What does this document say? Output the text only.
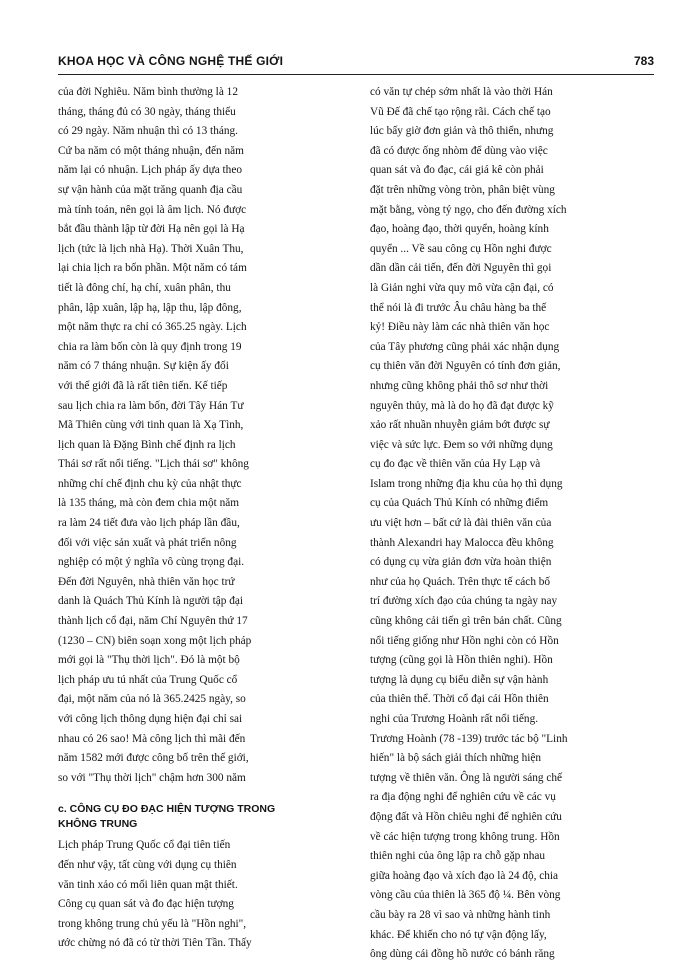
KHOA HỌC VÀ CÔNG NGHỆ THẾ GIỚI	783
của đời Nghiêu. Năm bình thường là 12
tháng, tháng đủ có 30 ngày, tháng thiếu
có 29 ngày. Năm nhuận thì có 13 tháng.
Cứ ba năm có một tháng nhuận, đến năm
năm lại có nhuận. Lịch pháp ấy dựa theo
sự vận hành của mặt trăng quanh địa cầu
mà tính toán, nên gọi là âm lịch. Nó được
bắt đầu thành lập từ đời Hạ nên gọi là Hạ
lịch (tức là lịch nhà Hạ). Thời Xuân Thu,
lại chia lịch ra bốn phần. Một năm có tám
tiết là đông chí, hạ chí, xuân phân, thu
phân, lập xuân, lập hạ, lập thu, lập đông,
một năm thực ra chỉ có 365.25 ngày. Lịch
chia ra làm bốn còn là quy định trong 19
năm có 7 tháng nhuận. Sự kiện ấy đối
với thế giới đã là rất tiên tiến. Kế tiếp
sau lịch chia ra làm bốn, đời Tây Hán Tư
Mã Thiên cùng với tinh quan là Xạ Tình,
lịch quan là Đặng Bình chế định ra lịch
Thái sơ rất nổi tiếng. "Lịch thái sơ" không
những chỉ chế định chu kỳ của nhật thực
là 135 tháng, mà còn đem chia một năm
ra làm 24 tiết đưa vào lịch pháp lần đầu,
đối với việc sản xuất và phát triển nông
nghiệp có một ý nghĩa vô cùng trọng đại.
Đến đời Nguyên, nhà thiên văn học trứ
danh là Quách Thủ Kính là người tập đại
thành lịch cổ đại, năm Chí Nguyên thứ 17
(1230 – CN) biên soạn xong một lịch pháp
mới gọi là "Thụ thời lịch". Đó là một bộ
lịch pháp ưu tú nhất của Trung Quốc cổ
đại, một năm của nó là 365.2425 ngày, so
với công lịch thông dụng hiện đại chỉ sai
nhau có 26 sao! Mà công lịch thì mãi đến
năm 1582 mới được công bố trên thế giới,
so với "Thụ thời lịch" chậm hơn 300 năm
c. CÔNG CỤ ĐO ĐẠC HIỆN TƯỢNG TRONG
KHÔNG TRUNG
Lịch pháp Trung Quốc cổ đại tiên tiến
đến như vậy, tất cùng với dụng cụ thiên
văn tinh xảo có mối liên quan mật thiết.
Công cụ quan sát và đo đạc hiện tượng
trong không trung chủ yếu là "Hồn nghi",
ước chừng nó đã có từ thời Tiên Tần. Thấy
có văn tự chép sớm nhất là vào thời Hán
Vũ Đế đã chế tạo rộng rãi. Cách chế tạo
lúc bấy giờ đơn giản và thô thiển, nhưng
đã có được ống nhòm để dùng vào việc
quan sát và đo đạc, cái giá kê còn phải
đặt trên những vòng tròn, phân biệt vùng
mặt bằng, vòng tý ngọ, cho đến đường xích
đạo, hoàng đạo, thời quyển, hoàng kính
quyển ... Về sau công cụ Hồn nghi được
dần dần cải tiến, đến đời Nguyên thì gọi
là Giản nghi vừa quy mô vừa cận đại, có
thể nói là đi trước Âu châu hàng ba thế
kỷ! Điều này làm các nhà thiên văn học
của Tây phương cũng phải xác nhận dụng
cụ thiên văn đời Nguyên có tính đơn giản,
nhưng cũng không phải thô sơ như thời
nguyên thủy, mà là do họ đã đạt được kỹ
xảo rất nhuần nhuyễn giảm bớt được sự
việc và sức lực. Đem so với những dụng
cụ đo đạc về thiên văn của Hy Lạp và
Islam trong những địa khu của họ thì dụng
cụ của Quách Thủ Kính có những điểm
ưu việt hơn – bất cứ là đài thiên văn của
thành Alexandri hay Malocca đều không
có dụng cụ vừa giản đơn vừa hoàn thiện
như của họ Quách. Trên thực tế cách bố
trí đường xích đạo của chúng ta ngày nay
cũng không cải tiến gì trên bản chất. Cũng
nổi tiếng giống như Hồn nghi còn có Hồn
tượng (cũng gọi là Hồn thiên nghi). Hồn
tượng là dụng cụ biểu diễn sự vận hành
của thiên thể. Thời cổ đại cái Hồn thiên
nghi của Trương Hoành rất nổi tiếng.
Trương Hoành (78 -139) trước tác bộ "Linh
hiến" là bộ sách giải thích những hiện
tượng về thiên văn. Ông là người sáng chế
ra địa động nghi để nghiên cứu về các vụ
động đất và Hồn chiêu nghi để nghiên cứu
về các hiện tượng trong không trung. Hồn
thiên nghi của ông lập ra chỗ gặp nhau
giữa hoàng đạo và xích đạo là 24 độ, chia
vòng cầu của thiên là 365 độ ¼. Bên vòng
cầu bày ra 28 vì sao và những hành tinh
khác. Để khiến cho nó tự vận động lấy,
ông dùng cái đồng hồ nước có bánh răng
